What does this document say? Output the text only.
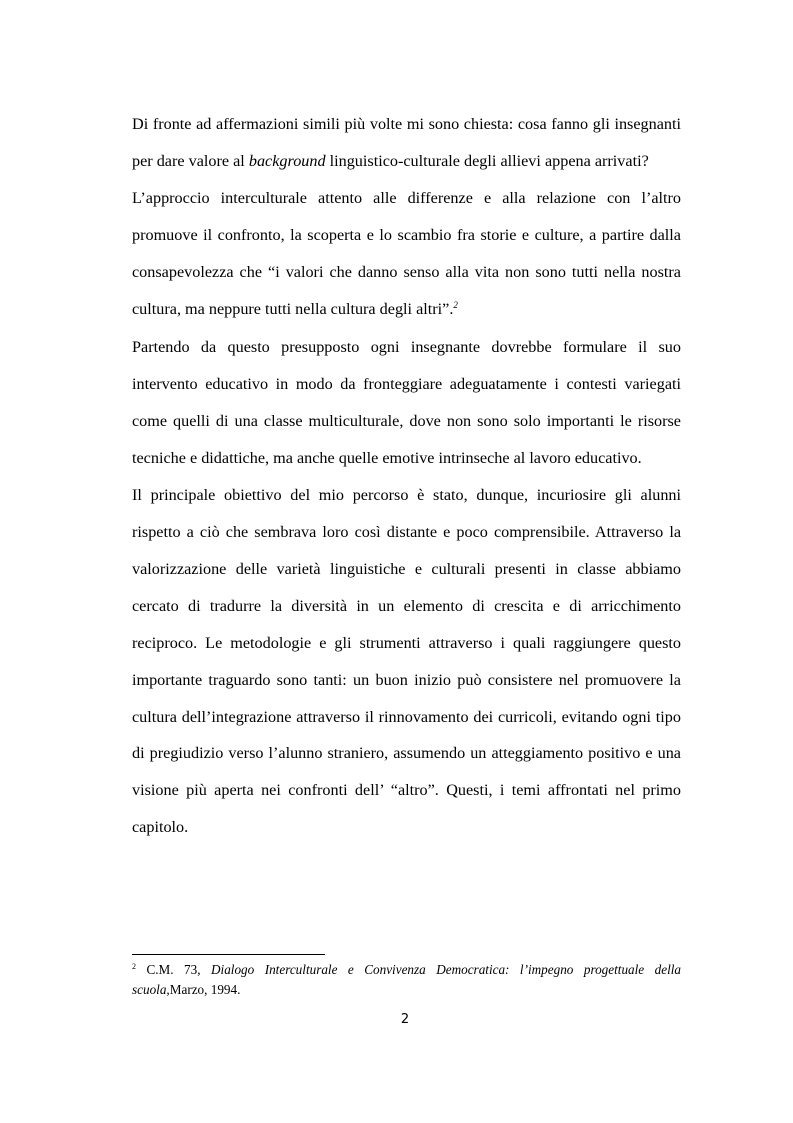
Di fronte ad affermazioni simili più volte mi sono chiesta: cosa fanno gli insegnanti per dare valore al background linguistico-culturale degli allievi appena arrivati?

L’approccio interculturale attento alle differenze e alla relazione con l’altro promuove il confronto, la scoperta e lo scambio fra storie e culture, a partire dalla consapevolezza che “i valori che danno senso alla vita non sono tutti nella nostra cultura, ma neppure tutti nella cultura degli altri”.$^2$

Partendo da questo presupposto ogni insegnante dovrebbe formulare il suo intervento educativo in modo da fronteggiare adeguatamente i contesti variegati come quelli di una classe multiculturale, dove non sono solo importanti le risorse tecniche e didattiche, ma anche quelle emotive intrinseche al lavoro educativo.

Il principale obiettivo del mio percorso è stato, dunque, incuriosire gli alunni rispetto a ciò che sembrava loro così distante e poco comprensibile. Attraverso la valorizzazione delle varietà linguistiche e culturali presenti in classe abbiamo cercato di tradurre la diversità in un elemento di crescita e di arricchimento reciproco. Le metodologie e gli strumenti attraverso i quali raggiungere questo importante traguardo sono tanti: un buon inizio può consistere nel promuovere la cultura dell’integrazione attraverso il rinnovamento dei curricoli, evitando ogni tipo di pregiudizio verso l’alunno straniero, assumendo un atteggiamento positivo e una visione più aperta nei confronti dell’ “altro”. Questi, i temi affrontati nel primo capitolo.

$^2$ C.M. 73, Dialogo Interculturale e Convivenza Democratica: l’impegno progettuale della scuola,Marzo, 1994.
2
